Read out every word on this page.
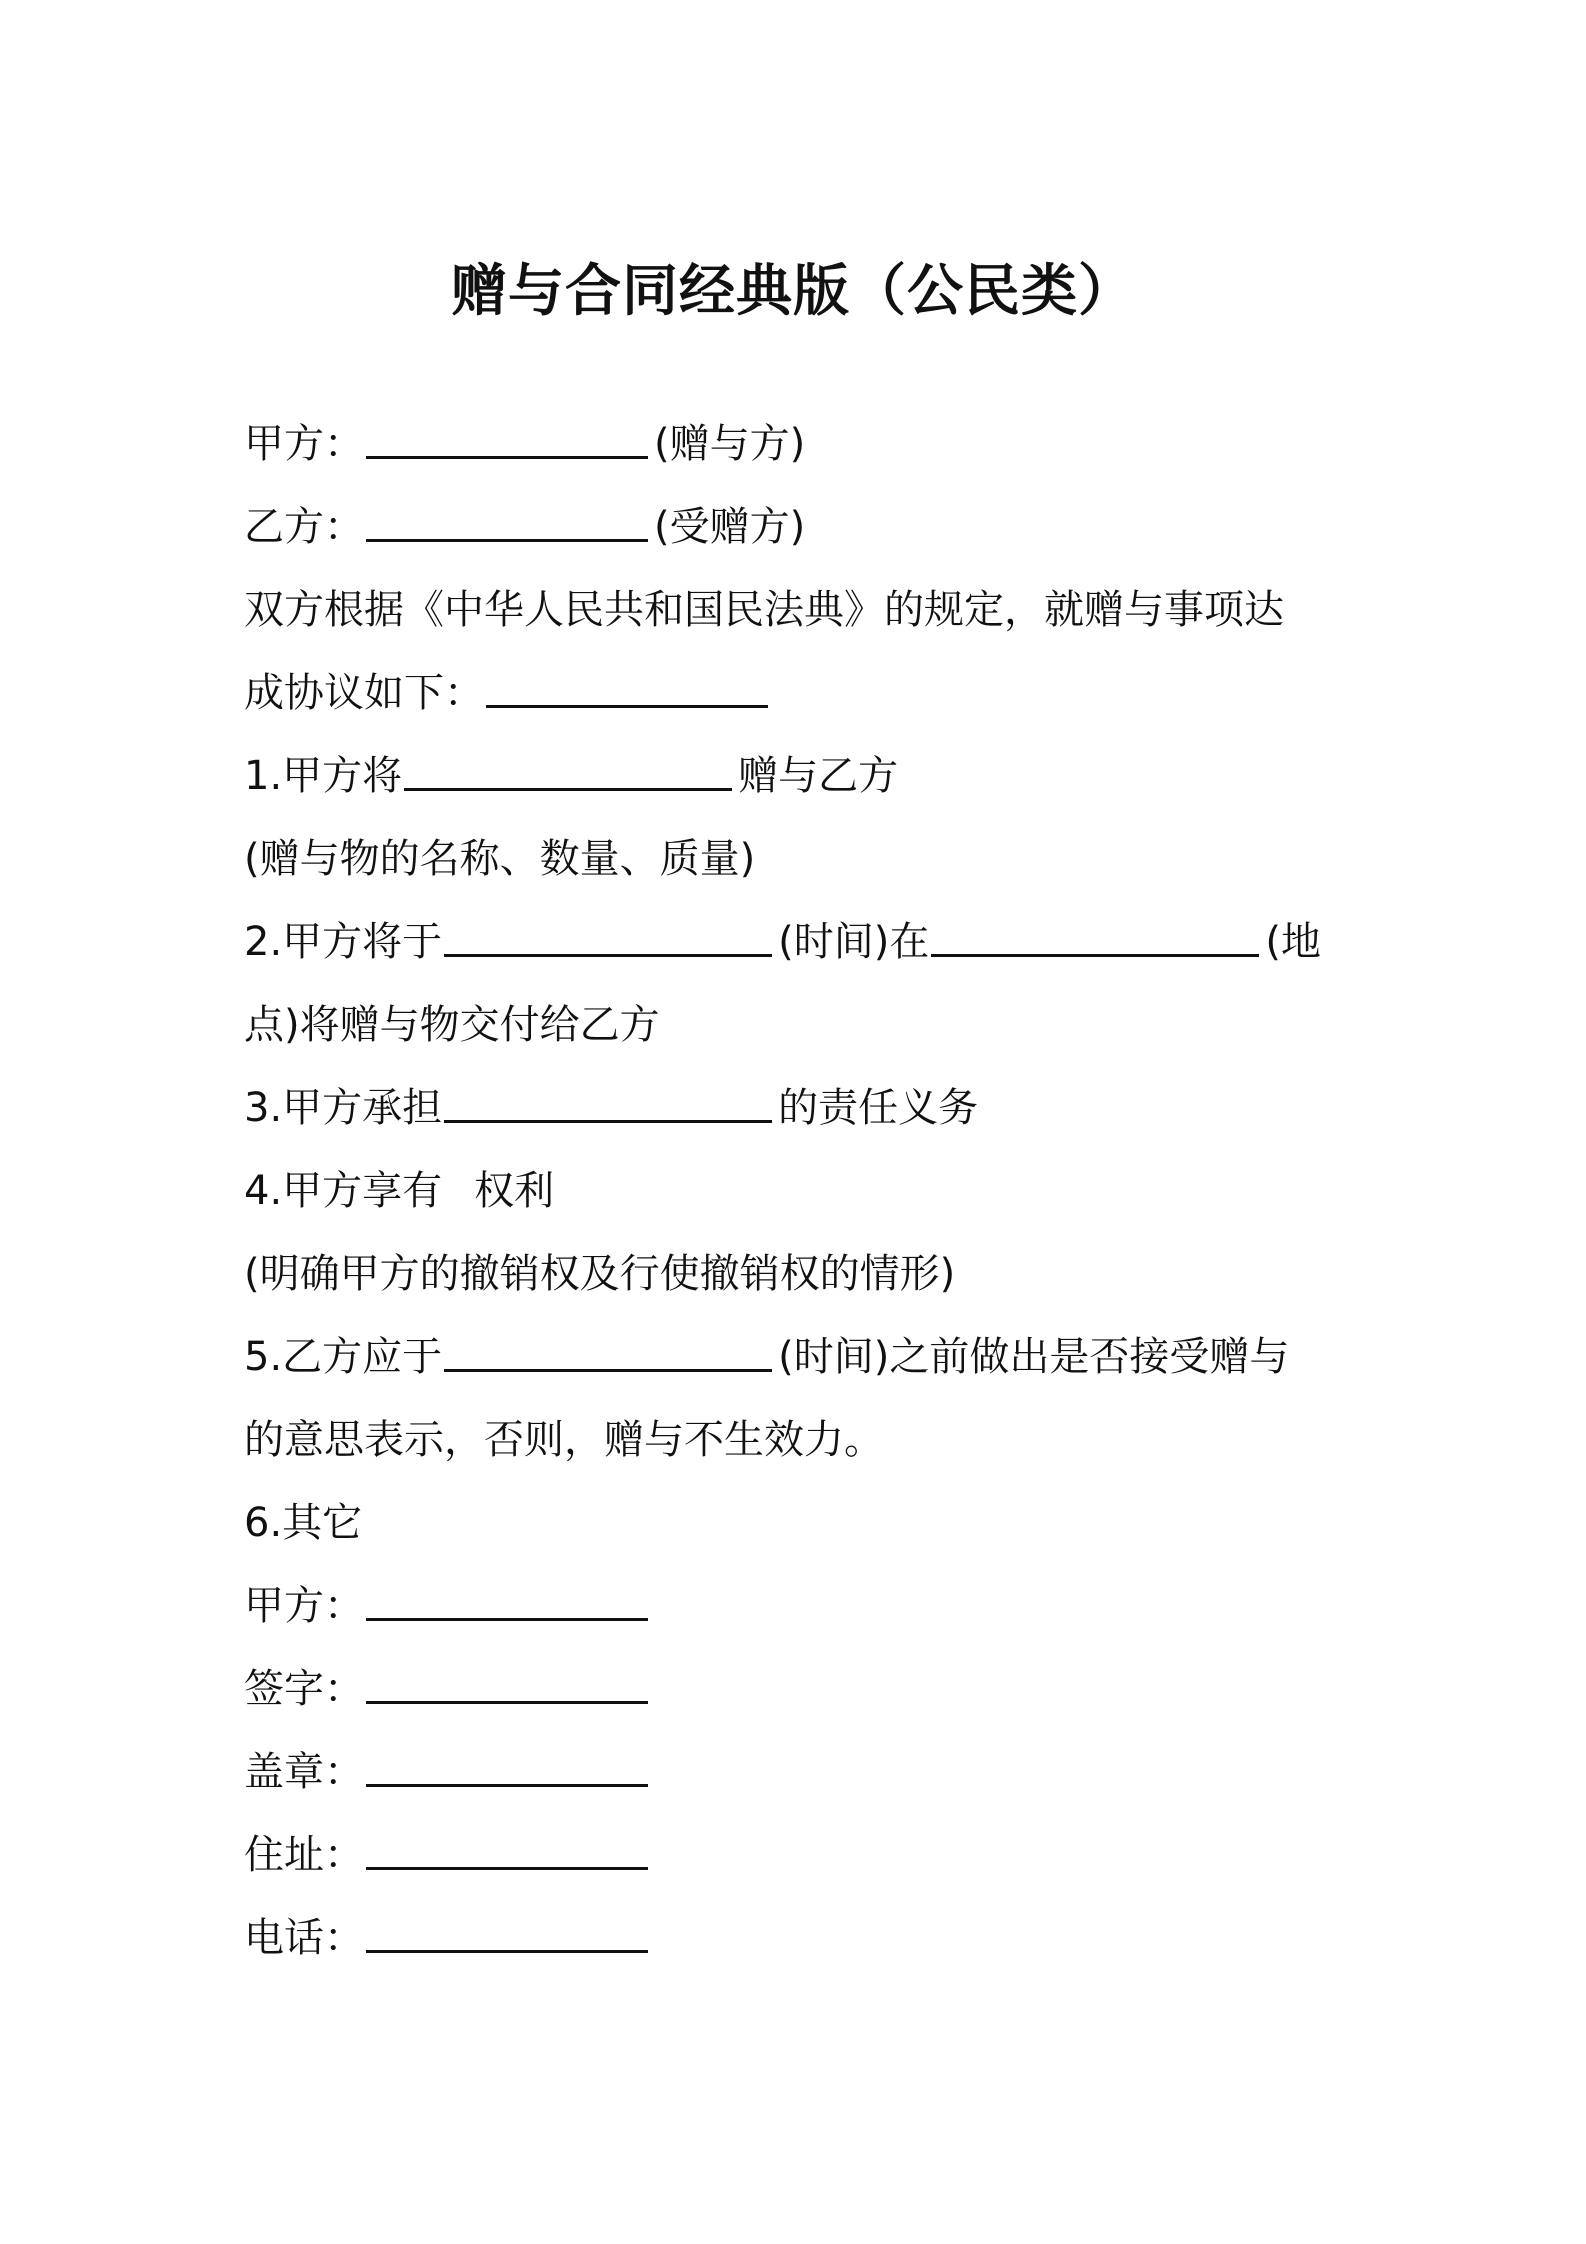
赠与合同经典版（公民类）
甲方：	(赠与方)
乙方：	(受赠方)
双方根据《中华人民共和国民法典》的规定，就赠与事项达
成协议如下：
1.甲方将	赠与乙方
(赠与物的名称、数量、质量)
2.甲方将于	(时间)在	(地
点)将赠与物交付给乙方
3.甲方承担	的责任义务
4.甲方享有 权利
(明确甲方的撤销权及行使撤销权的情形)
5.乙方应于	(时间)之前做出是否接受赠与
的意思表示，否则，赠与不生效力。
6.其它
甲方：
签字：
盖章：
住址：
电话：
